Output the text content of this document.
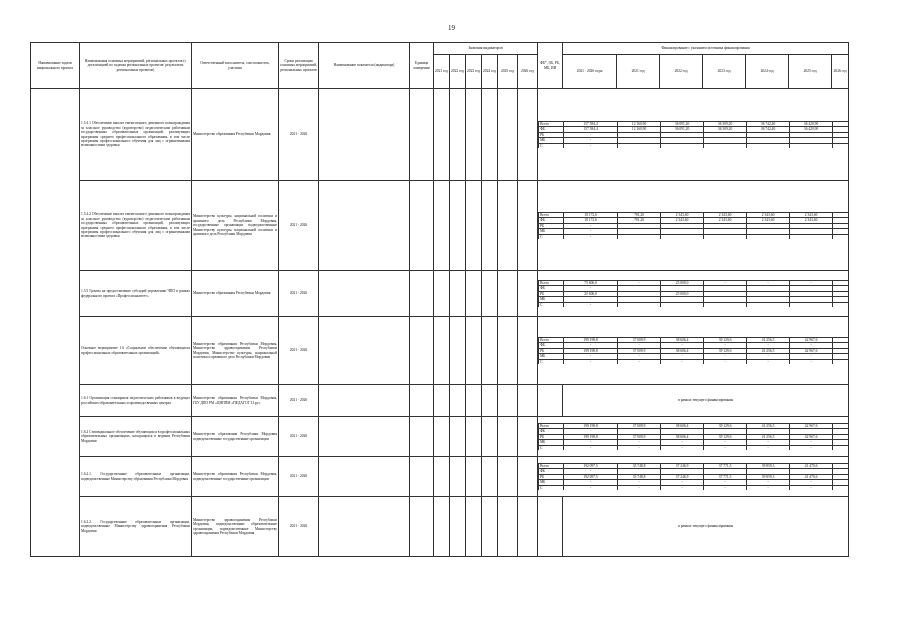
19
Наименование задачи национального проекта	Наименования основных мероприятий, региональных проектов (с детализацией по задачам региональных проектов/ результатам региональных проектов)	Ответственный исполнитель, соисполнитель, участник	Сроки реализации основных мероприятий, региональных проектов	Наименование показателя (индикатора)	Единица измерения	Значения индикаторов	ФБ*, ОБ, РБ, МБ, ИИ	Финансирование с указанием источника финансирования
2021 год	2022 год	2023 год	2024 год	2025 год	2026 год	2021 - 2026 годы	2021 год	2022 год	2023 год	2024 год	2025 год	2026 год
	1.5.4.1 Обеспечение выплат ежемесячного денежного вознаграждения за классное руководство (кураторство) педагогическим работникам государственных образовательных организаций, реализующих программы среднего профессионального образования, в том числе программы профессионального обучения для лиц с ограниченными возможностями здоровья	Министерство образования Республики Мордовия	2021 - 2026									
Всего	157 584,4	12 160,90	36 091,20	36 309,20	36 742,40	36 420,90	
ФБ	157 584,4	12 160,90	36 091,20	36 309,20	36 742,40	36 420,90	
РБ	-						
МБ	-						
С	-						

1.5.4.2 Обеспечение выплат ежемесячного денежного вознаграждения за классное руководство (кураторство) педагогическим работникам государственных образовательных организаций, реализующих программы среднего профессионального образования, в том числе программы профессионального обучения для лиц с ограниченными возможностями здоровья	Министерство культуры, национальной политики и архивного дела Республики Мордовия, государственные организации подведомственные Министерству культуры, национальной политики и архивного дела Республики Мордовия	2021 - 2026									
Всего	10 172,6	781,20	2 343,60	2 343,60	2 343,60	2 343,60	
ФБ	10 172,6	781,20	2 343,60	2 343,60	2 343,60	2 343,60	
РБ	-						
МБ	-						
С	-						

1.5.5 Гранты на предоставление субсидий управлению ЧПО в рамках федерального проекта «Профессионалитет»	Министерство образования Республики Мордовия	2021 - 2026									
Всего	75 606,0	-	25 000,0	-	-	-	
ФБ	-						
РБ	25 606,0		25 000,0				
МБ	-						
С	-						

Основное мероприятие 1.6 «Социальное обеспечение обучающихся профессиональных образовательных организаций»	Министерство образования Республики Мордовия, Министерство здравоохранения Республики Мордовия, Министерство культуры, национальной политики и архивного дела Республики Мордовия	2021 - 2026									
Всего	199 198,8	37 009,9	38 606,4	39 129,6	41 256,5	42 967,6	
ФБ	-	-	-	-	-	-	
РБ	199 198,8	37 009,9	38 606,4	39 129,6	41 256,5	42 967,6	
МБ	-	-	-	-	-	-	
С	-	-	-	-	-	-	

1.6.1 Организация стажировок педагогических работников в ведущих российских образовательных и производственных центрах	Министерство образования Республики Мордовия, ГБУ ДПО РМ «ЦНППМ «ПЕДАГОГ 13.ру»	2021 - 2026										в рамках текущего финансирования
1.6.2 Стипендиальное обеспечение обучающихся в профессиональных образовательных организациях, находящихся в ведении Республики Мордовия	Министерство образования Республики Мордовия подведомственные государственные организации	2021 - 2026									
Всего	199 198,8	37 009,9	38 606,4	39 129,6	41 256,5	42 967,6	
ФБ	-						
РБ	199 198,8	37 009,9	38 606,4	39 129,6	41 256,5	42 967,6	
МБ	-	-	-	-	-	-	
С	-	-	-	-	-	-	

1.6.2.1. Государственные образовательные организации, подведомственные Министерству образования Республики Мордовия	Министерство образования Республики Мордовия, подведомственные государственные организации	2021 - 2026									
Всего	192 097,5	35 748,8	37 246,9	37 771,5	39 859,3	41 470,6	
ФБ	-						
РБ	192 097,5	35 748,8	37 246,9	37 771,5	39 859,3	41 470,6	
МБ	-	-	-	-	-	-	
С	-	-	-	-	-	-	

1.6.2.2. Государственные образовательные организации, подведомственные Министерству здравоохранения Республики Мордовия	Министерство здравоохранения Республики Мордовия, подведомственные образовательные организации, подведомственные Министерству здравоохранения Республики Мордовия	2021 - 2026										в рамках текущего финансирования
